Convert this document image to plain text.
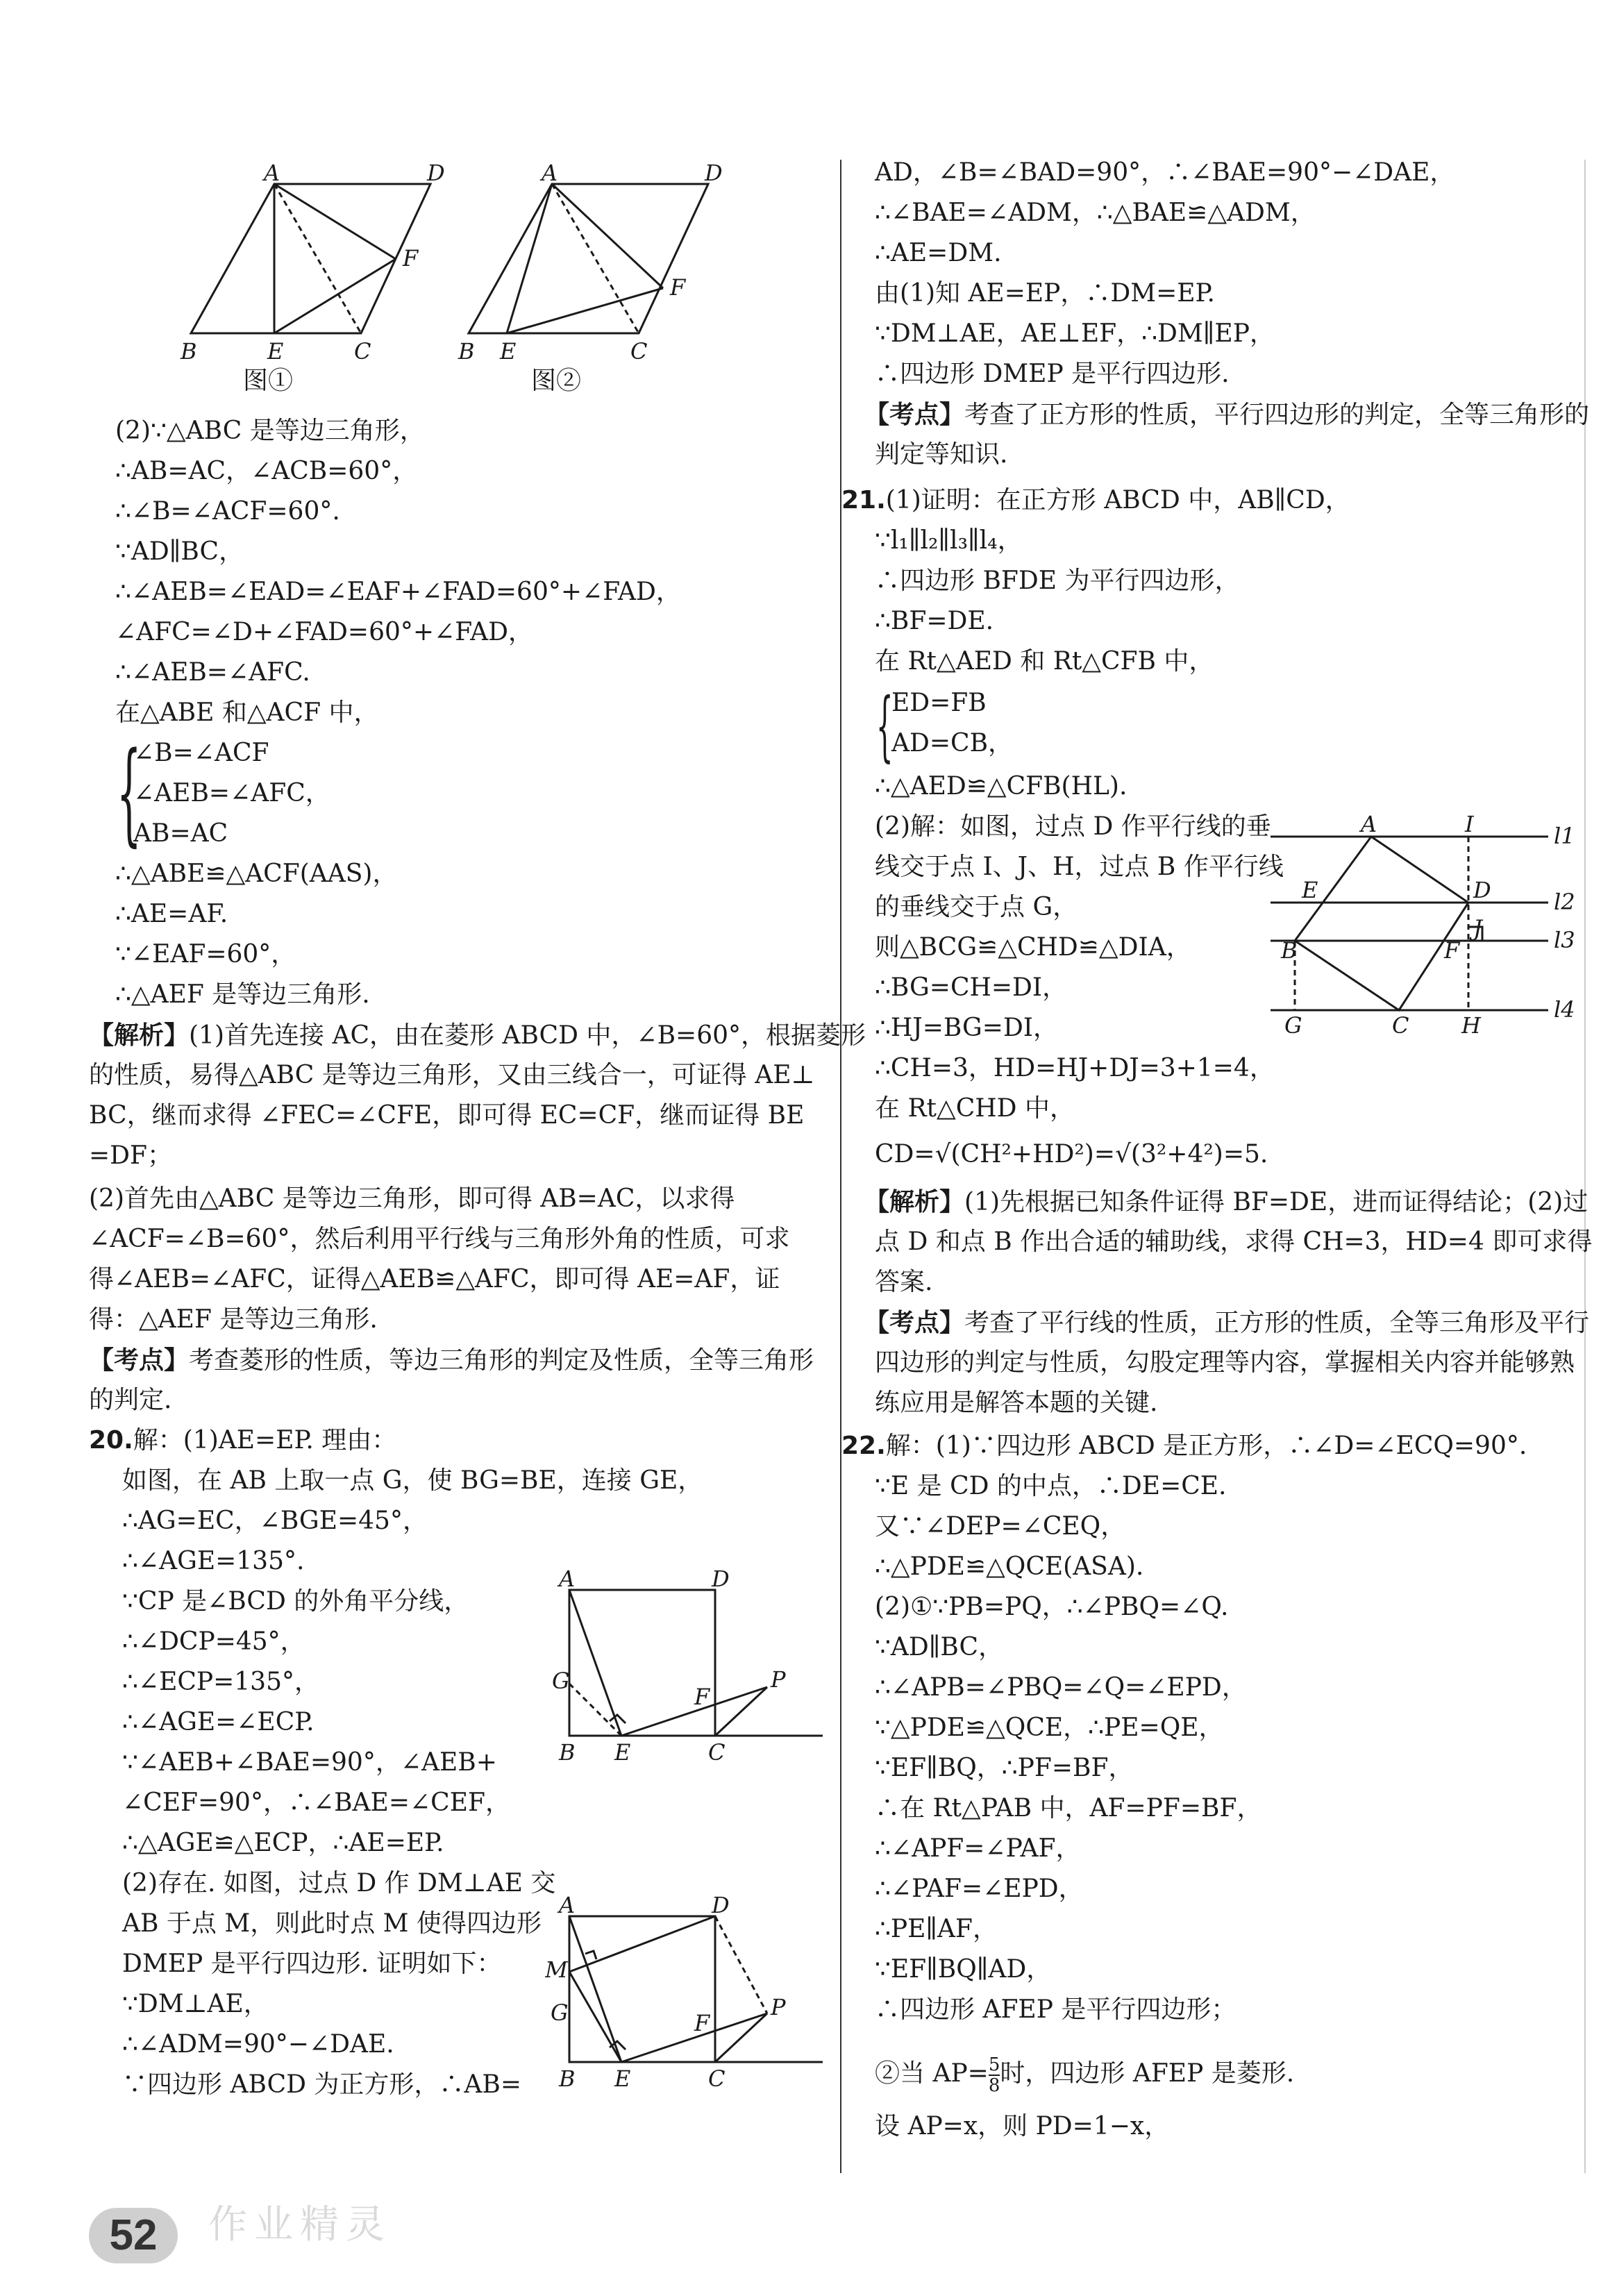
A	D
F
B	E	C
A	D
F
B E	C
图①	图②
(2)∵△ABC 是等边三角形，
∴AB=AC，∠ACB=60°，
∴∠B=∠ACF=60°.
∵AD∥BC，
∴∠AEB=∠EAD=∠EAF+∠FAD=60°+∠FAD，
∠AFC=∠D+∠FAD=60°+∠FAD，
∴∠AEB=∠AFC.
在△ABE 和△ACF 中，
{
∠B=∠ACF
∠AEB=∠AFC，
AB=AC
∴△ABE≌△ACF(AAS)，
∴AE=AF.
∵∠EAF=60°，
∴△AEF 是等边三角形.
【解析】(1)首先连接 AC，由在菱形 ABCD 中，∠B=60°，根据菱形
的性质，易得△ABC 是等边三角形，又由三线合一，可证得 AE⊥
BC，继而求得 ∠FEC=∠CFE，即可得 EC=CF，继而证得 BE
=DF；
(2)首先由△ABC 是等边三角形，即可得 AB=AC，以求得
∠ACF=∠B=60°，然后利用平行线与三角形外角的性质，可求
得∠AEB=∠AFC，证得△AEB≌△AFC，即可得 AE=AF，证
得：△AEF 是等边三角形.
【考点】考查菱形的性质，等边三角形的判定及性质，全等三角形
的判定.
20.解：(1)AE=EP. 理由：
如图，在 AB 上取一点 G，使 BG=BE，连接 GE，
∴AG=EC，∠BGE=45°，
∴∠AGE=135°.
∵CP 是∠BCD 的外角平分线，
∴∠DCP=45°，
∴∠ECP=135°，
∴∠AGE=∠ECP.
∵∠AEB+∠BAE=90°，∠AEB+
∠CEF=90°，∴∠BAE=∠CEF，
∴△AGE≌△ECP，∴AE=EP.
(2)存在. 如图，过点 D 作 DM⊥AE 交
AB 于点 M，则此时点 M 使得四边形
DMEP 是平行四边形. 证明如下：
∵DM⊥AE，
∴∠ADM=90°−∠DAE.
∵四边形 ABCD 为正方形，∴AB=
A	D
G
F
P
B E	C
A	D
M
G	F
P
B E	C
AD，∠B=∠BAD=90°，∴∠BAE=90°−∠DAE，
∴∠BAE=∠ADM，∴△BAE≌△ADM，
∴AE=DM.
由(1)知 AE=EP，∴DM=EP.
∵DM⊥AE，AE⊥EF，∴DM∥EP，
∴四边形 DMEP 是平行四边形.
【考点】考查了正方形的性质，平行四边形的判定，全等三角形的
判定等知识.
21.(1)证明：在正方形 ABCD 中，AB∥CD，
∵l₁∥l₂∥l₃∥l₄，
∴四边形 BFDE 为平行四边形，
∴BF=DE.
在 Rt△AED 和 Rt△CFB 中，
{
ED=FB
AD=CB，
∴△AED≌△CFB(HL).
(2)解：如图，过点 D 作平行线的垂
线交于点 I、J、H，过点 B 作平行线
的垂线交于点 G，
则△BCG≌△CHD≌△DIA，
∴BG=CH=DI，
∴HJ=BG=DI，
∴CH=3，HD=HJ+DJ=3+1=4，
在 Rt△CHD 中，
CD=√(CH²+HD²)=√(3²+4²)=5.
A	I	l1
E	D	l2
J
B	F	l3
G	C H
l4
【解析】(1)先根据已知条件证得 BF=DE，进而证得结论；(2)过
点 D 和点 B 作出合适的辅助线，求得 CH=3，HD=4 即可求得
答案.
【考点】考查了平行线的性质，正方形的性质，全等三角形及平行
四边形的判定与性质，勾股定理等内容，掌握相关内容并能够熟
练应用是解答本题的关键.
22.解：(1)∵四边形 ABCD 是正方形，∴∠D=∠ECQ=90°.
∵E 是 CD 的中点，∴DE=CE.
又∵∠DEP=∠CEQ，
∴△PDE≌△QCE(ASA).
(2)①∵PB=PQ，∴∠PBQ=∠Q.
∵AD∥BC，
∴∠APB=∠PBQ=∠Q=∠EPD，
∵△PDE≌△QCE，∴PE=QE，
∵EF∥BQ，∴PF=BF，
∴在 Rt△PAB 中，AF=PF=BF，
∴∠APF=∠PAF，
∴∠PAF=∠EPD，
∴PE∥AF，
∵EF∥BQ∥AD，
∴四边形 AFEP 是平行四边形；
②当 $AP= \frac{5}{8}$ 时，四边形 AFEP 是菱形.
设 AP=x，则 PD=1−x，
作业精灵
52
